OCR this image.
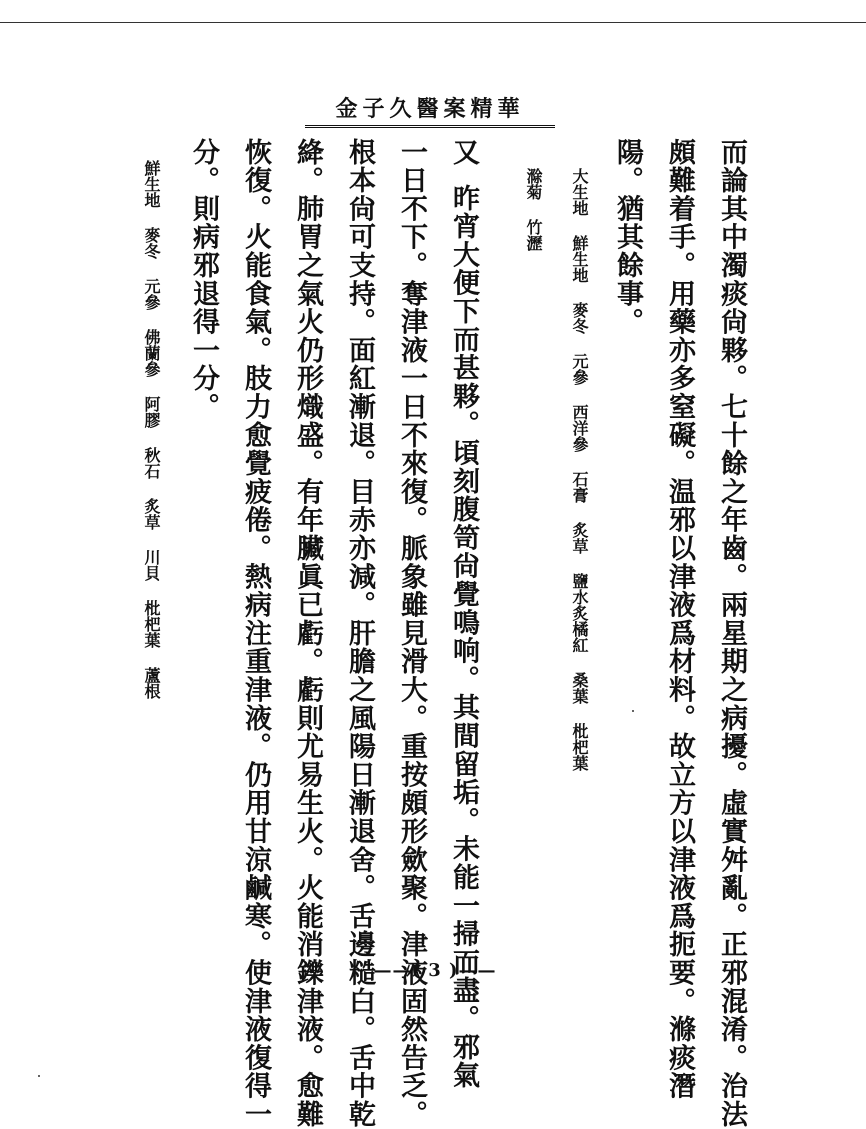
金子久醫案精華
而論其中濁痰尙夥。七十餘之年齒。兩星期之病擾。虛實舛亂。正邪混淆。治法
頗難着手。用藥亦多窒礙。温邪以津液爲材料。故立方以津液爲扼要。滌痰潛
陽。猶其餘事。
大生地 鮮生地 麥冬 元參 西洋參 石膏 炙草 鹽水炙橘紅 桑葉 枇杷葉
滁菊 竹瀝
又
昨宵大便下而甚夥。頃刻腹笥尙覺鳴响。其間留垢。未能一掃而盡。邪氣
一日不下。奪津液一日不來復。脈象雖見滑大。重按頗形歛聚。津液固然告乏。
根本尙可支持。面紅漸退。目赤亦減。肝膽之風陽日漸退舍。舌邊糙白。舌中乾
絳。肺胃之氣火仍形熾盛。有年臟眞已虧。虧則尤易生火。火能消鑠津液。愈難
恢復。火能食氣。肢力愈覺疲倦。熱病注重津液。仍用甘涼鹹寒。使津液復得一
分。則病邪退得一分。
鮮生地 麥冬 元參 佛蘭參 阿膠 秋石 炙草 川貝 枇杷葉 蘆根
——( 3 )——
